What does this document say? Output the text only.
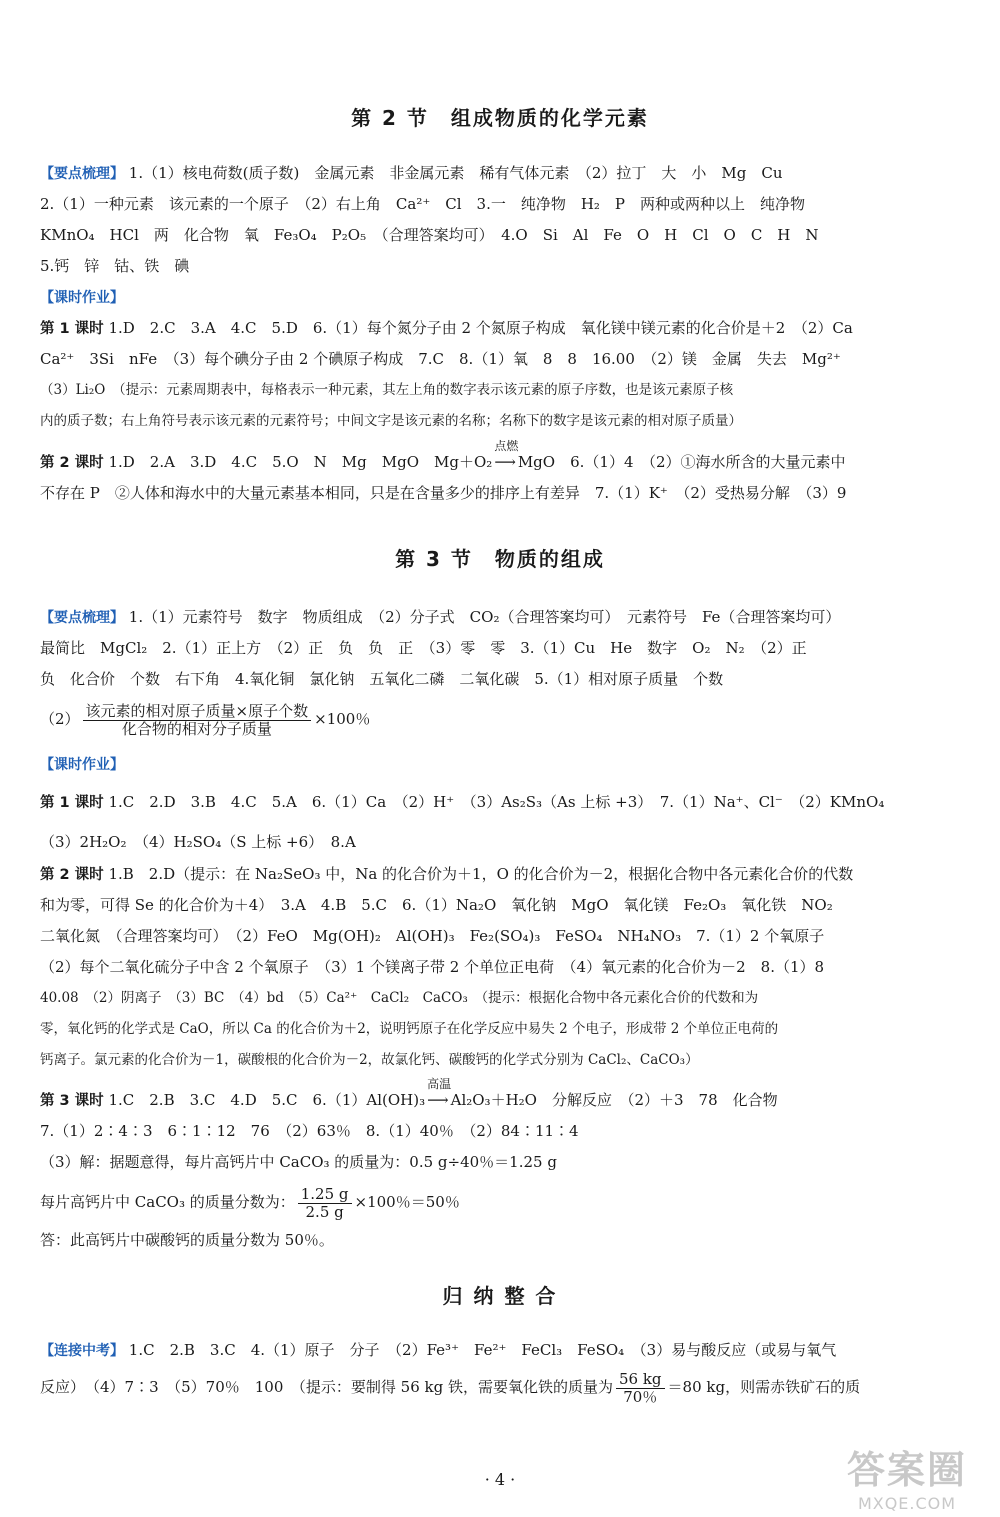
第 2 节　组成物质的化学元素
【要点梳理】 1.（1）核电荷数(质子数)　金属元素　非金属元素　稀有气体元素　（2）拉丁　大　小　Mg　Cu
2.（1）一种元素　该元素的一个原子　（2）右上角　Ca²⁺　Cl　3.一　纯净物　H₂　P　两种或两种以上　纯净物
KMnO₄　HCl　两　化合物　氧　Fe₃O₄　P₂O₅　（合理答案均可）　4.O　Si　Al　Fe　O　H　Cl　O　C　H　N
5.钙　锌　钴、铁　碘
【课时作业】
第 1 课时 1.D　2.C　3.A　4.C　5.D　6.（1）每个氮分子由 2 个氮原子构成　氧化镁中镁元素的化合价是＋2　（2）Ca
Ca²⁺　3Si　nFe　（3）每个碘分子由 2 个碘原子构成　7.C　8.（1）氧　8　8　16.00　（2）镁　金属　失去　Mg²⁺
（3）Li₂O　（提示：元素周期表中，每格表示一种元素，其左上角的数字表示该元素的原子序数，也是该元素原子核
内的质子数；右上角符号表示该元素的元素符号；中间文字是该元素的名称；名称下的数字是该元素的相对原子质量）
第 2 课时 1.D　2.A　3.D　4.C　5.O　N　Mg　MgO　Mg＋O₂
点燃
⟶ MgO　6.（1）4　（2）①海水所含的大量元素中
不存在 P　②人体和海水中的大量元素基本相同，只是在含量多少的排序上有差异　7.（1）K⁺　（2）受热易分解　（3）9
第 3 节　物质的组成
【要点梳理】 1.（1）元素符号　数字　物质组成　（2）分子式　CO₂（合理答案均可）　元素符号　Fe（合理答案均可）
最简比　MgCl₂　2.（1）正上方　（2）正　负　负　正　（3）零　零　3.（1）Cu　He　数字　O₂　N₂　（2）正
负　化合价　个数　右下角　4.氧化铜　氯化钠　五氧化二磷　二氧化碳　5.（1）相对原子质量　个数
$(2) \frac{\text{该元素的相对原子质量×原子个数}}{\text{化合物的相对分子质量}} \times 100$％
【课时作业】
第 1 课时 1.C　2.D　3.B　4.C　5.A　6.（1）Ca　（2）H⁺　（3）As₂S₃（As 上标 +3）　7.（1）Na⁺、Cl⁻　（2）KMnO₄
（3）2H₂O₂　（4）H₂SO₄（S 上标 +6）　8.A
第 2 课时 1.B　2.D（提示：在 Na₂SeO₃ 中，Na 的化合价为＋1，O 的化合价为－2，根据化合物中各元素化合价的代数
和为零，可得 Se 的化合价为＋4）　3.A　4.B　5.C　6.（1）Na₂O　氧化钠　MgO　氧化镁　Fe₂O₃　氧化铁　NO₂
二氧化氮　（合理答案均可）　（2）FeO　Mg(OH)₂　Al(OH)₃　Fe₂(SO₄)₃　FeSO₄　NH₄NO₃　7.（1）2 个氧原子
（2）每个二氧化硫分子中含 2 个氧原子　（3）1 个镁离子带 2 个单位正电荷　（4）氧元素的化合价为－2　8.（1）8
40.08　（2）阴离子　（3）BC　（4）bd　（5）Ca²⁺　CaCl₂　CaCO₃　（提示：根据化合物中各元素化合价的代数和为
零，氧化钙的化学式是 CaO，所以 Ca 的化合价为＋2，说明钙原子在化学反应中易失 2 个电子，形成带 2 个单位正电荷的
钙离子。氯元素的化合价为－1，碳酸根的化合价为－2，故氯化钙、碳酸钙的化学式分别为 CaCl₂、CaCO₃）
第 3 课时 1.C　2.B　3.C　4.D　5.C　6.（1）Al(OH)₃
高温
⟶ Al₂O₃＋H₂O　分解反应　（2）＋3　78　化合物
7.（1）2∶4∶3　6∶1∶12　76　（2）63％　8.（1）40％　（2）84∶11∶4
（3）解：据题意得，每片高钙片中 CaCO₃ 的质量为：0.5 g÷40％＝1.25 g
每片高钙片中 CaCO₃ 的质量分数为： $\frac{1.25 g}{2.5 g} \times 100$％＝50％
答：此高钙片中碳酸钙的质量分数为 50％。
归 纳 整 合
【连接中考】 1.C　2.B　3.C　4.（1）原子　分子　（2）Fe³⁺　Fe²⁺　FeCl₃　FeSO₄　（3）易与酸反应（或易与氧气
反应）　（4）7∶3　（5）70％　100　（提示：要制得 56 kg 铁，需要氧化铁的质量为 $\frac{56 kg}{70\%} =80$ kg，则需赤铁矿石的质
· 4 ·	答案圈
MXQE.COM
